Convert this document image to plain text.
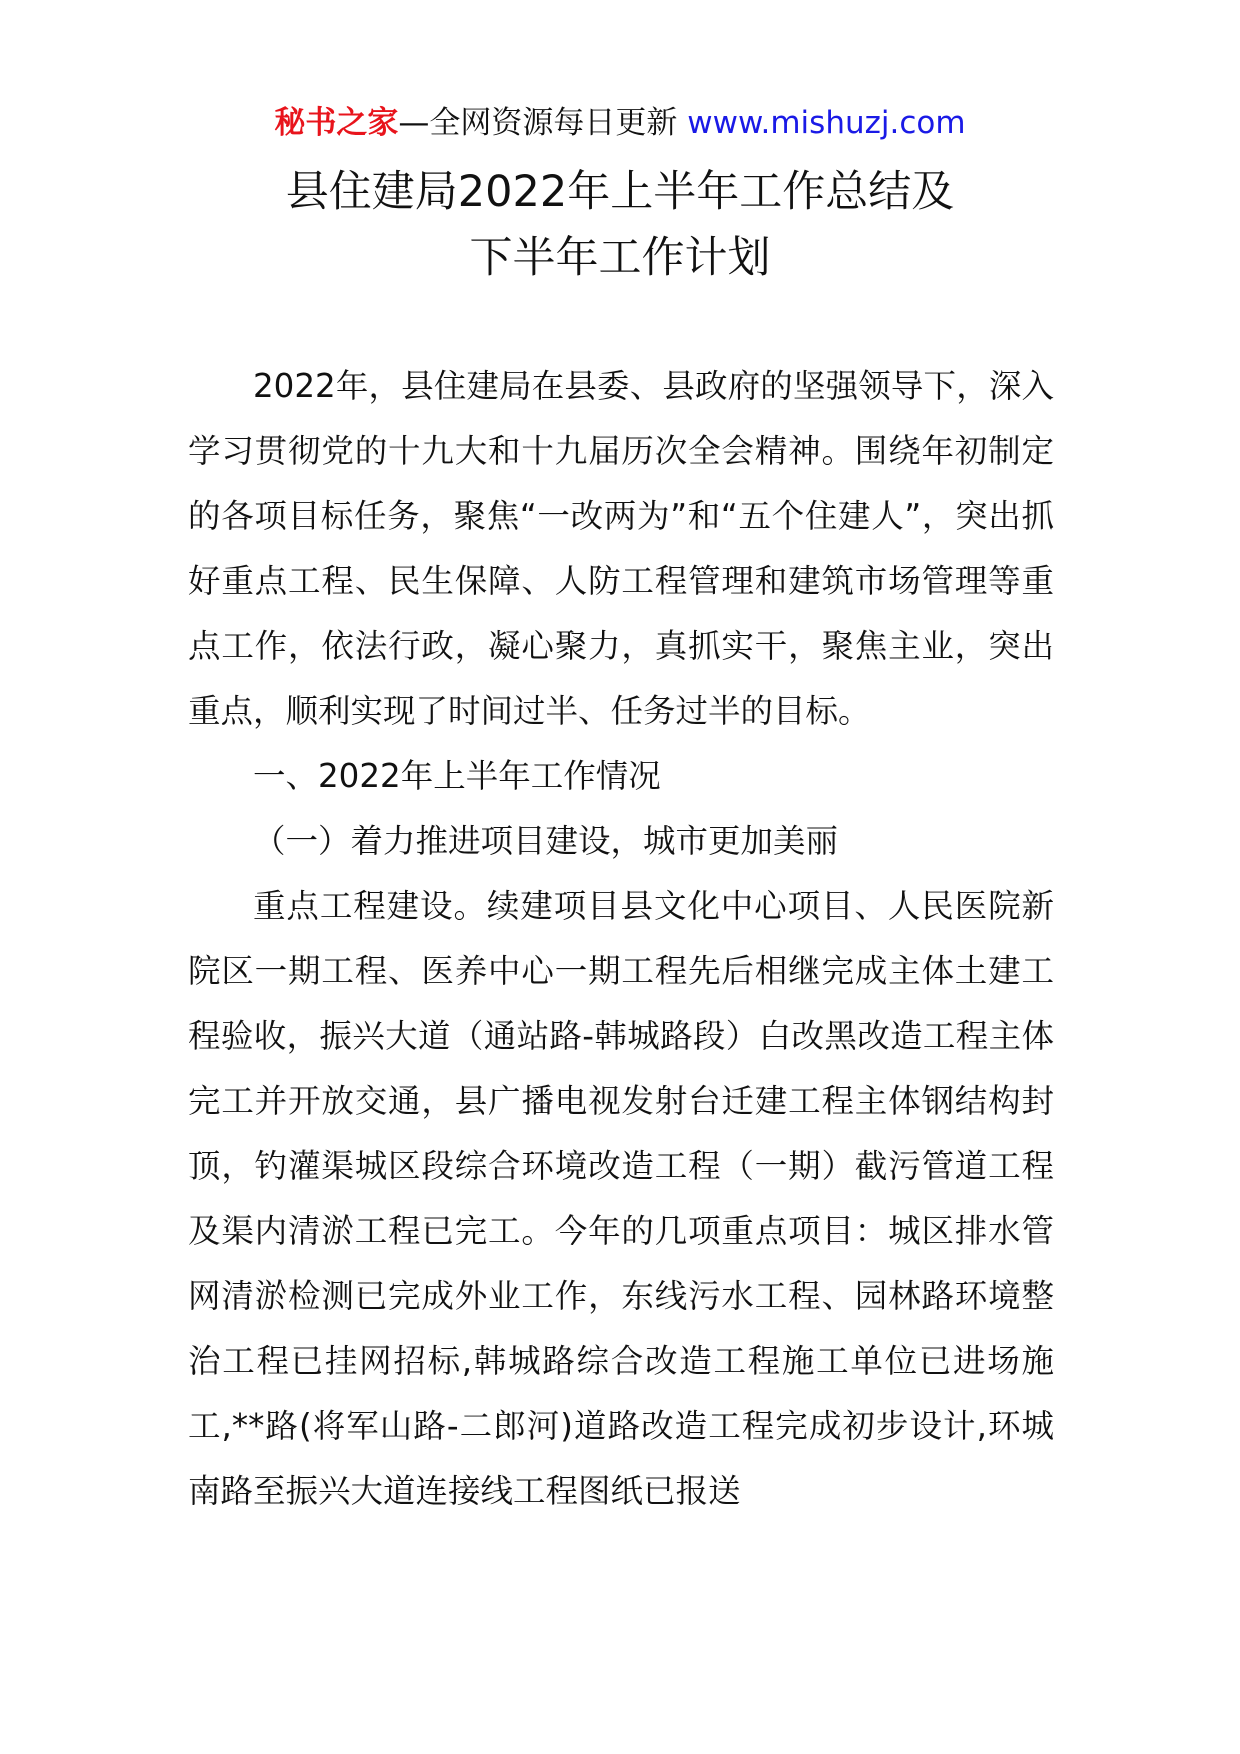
秘书之家—全网资源每日更新 www.mishuzj.com
县住建局2022年上半年工作总结及
下半年工作计划

2022年，县住建局在县委、县政府的坚强领导下，深入学习贯彻党的十九大和十九届历次全会精神。围绕年初制定的各项目标任务，聚焦“一改两为”和“五个住建人”，突出抓好重点工程、民生保障、人防工程管理和建筑市场管理等重点工作，依法行政，凝心聚力，真抓实干，聚焦主业，突出重点，顺利实现了时间过半、任务过半的目标。

一、2022年上半年工作情况

（一）着力推进项目建设，城市更加美丽

重点工程建设。续建项目县文化中心项目、人民医院新院区一期工程、医养中心一期工程先后相继完成主体土建工程验收，振兴大道（通站路-韩城路段）白改黑改造工程主体完工并开放交通，县广播电视发射台迁建工程主体钢结构封顶，钓灌渠城区段综合环境改造工程（一期）截污管道工程及渠内清淤工程已完工。今年的几项重点项目：城区排水管网清淤检测已完成外业工作，东线污水工程、园林路环境整治工程已挂网招标,韩城路综合改造工程施工单位已进场施工,**路(将军山路-二郎河)道路改造工程完成初步设计,环城南路至振兴大道连接线工程图纸已报送
